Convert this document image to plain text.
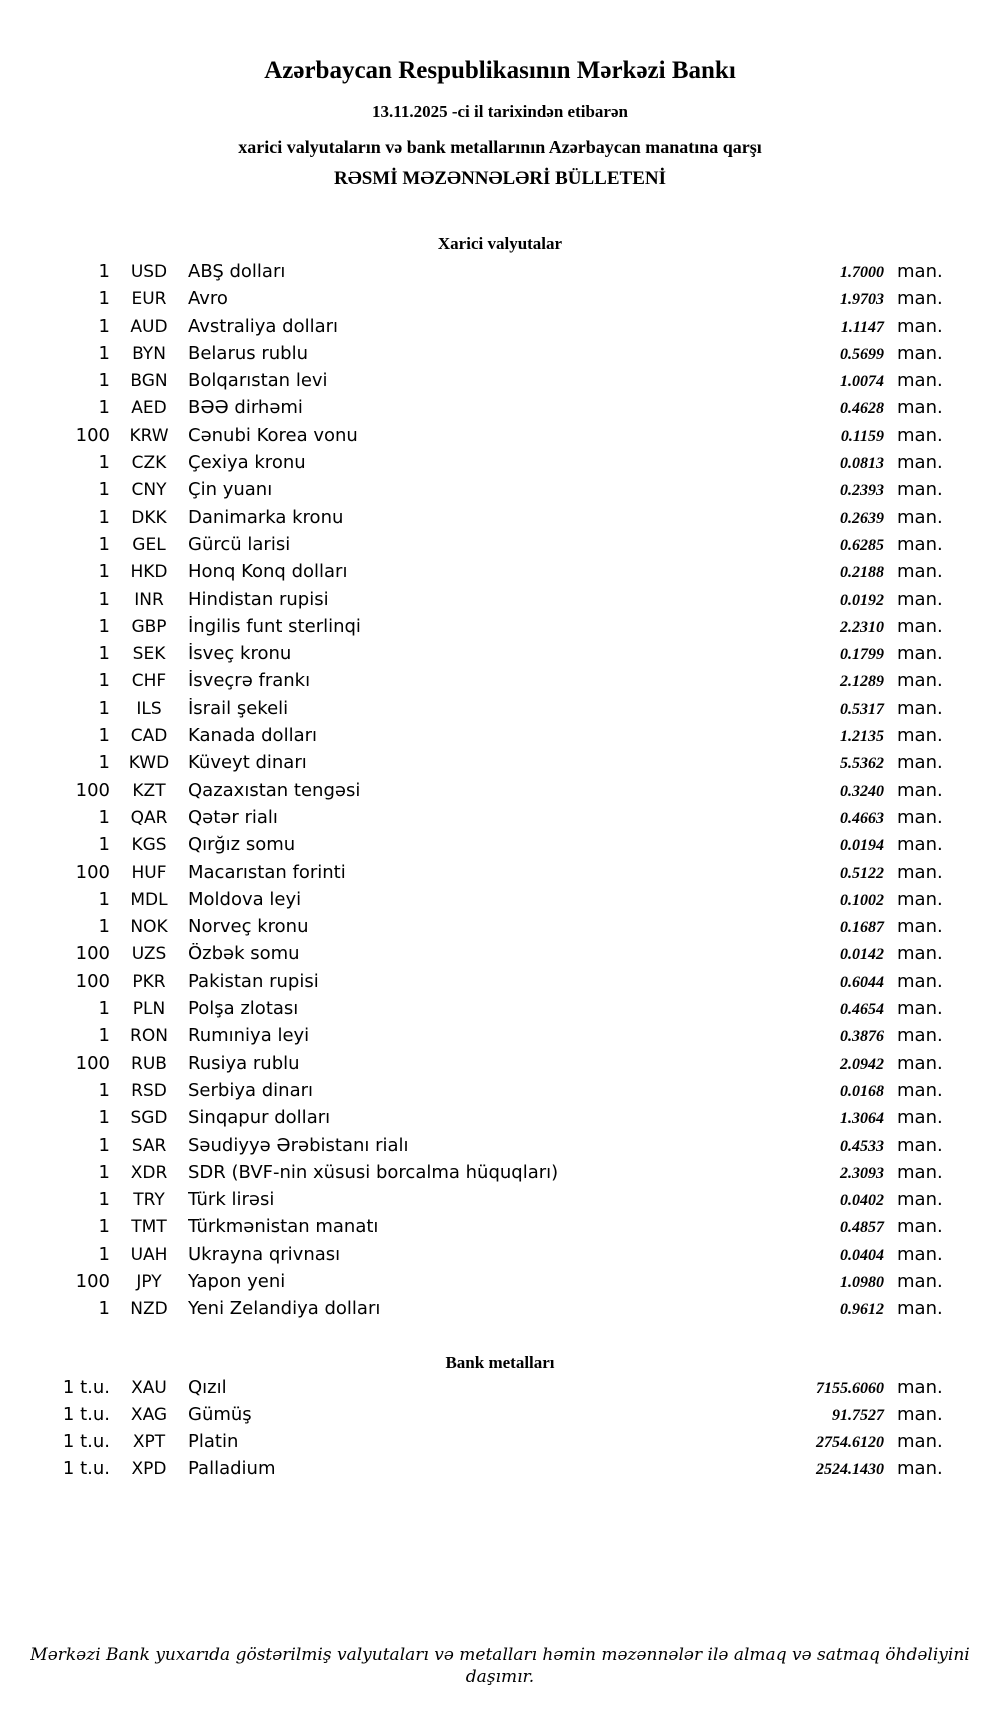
Azərbaycan Respublikasının Mərkəzi Bankı
13.11.2025 -ci il tarixindən etibarən
xarici valyutaların və bank metallarının Azərbaycan manatına qarşı
RƏSMİ MƏZƏNNƏLƏRİ BÜLLETENİ
Xarici valyutalar
1	USD	ABŞ dolları	1.7000 man.
1	EUR	Avro	1.9703 man.
1	AUD	Avstraliya dolları	1.1147 man.
1	BYN	Belarus rublu	0.5699 man.
1	BGN	Bolqarıstan levi	1.0074 man.
1	AED	BƏƏ dirhəmi	0.4628 man.
100	KRW	Cənubi Korea vonu	0.1159 man.
1	CZK	Çexiya kronu	0.0813 man.
1	CNY	Çin yuanı	0.2393 man.
1	DKK	Danimarka kronu	0.2639 man.
1	GEL	Gürcü larisi	0.6285 man.
1	HKD	Honq Konq dolları	0.2188 man.
1	INR	Hindistan rupisi	0.0192 man.
1	GBP	İngilis funt sterlinqi	2.2310 man.
1	SEK	İsveç kronu	0.1799 man.
1	CHF	İsveçrə frankı	2.1289 man.
1	ILS	İsrail şekeli	0.5317 man.
1	CAD	Kanada dolları	1.2135 man.
1	KWD	Küveyt dinarı	5.5362 man.
100	KZT	Qazaxıstan tengəsi	0.3240 man.
1	QAR	Qətər rialı	0.4663 man.
1	KGS	Qırğız somu	0.0194 man.
100	HUF	Macarıstan forinti	0.5122 man.
1	MDL	Moldova leyi	0.1002 man.
1	NOK	Norveç kronu	0.1687 man.
100	UZS	Özbək somu	0.0142 man.
100	PKR	Pakistan rupisi	0.6044 man.
1	PLN	Polşa zlotası	0.4654 man.
1	RON	Rumıniya leyi	0.3876 man.
100	RUB	Rusiya rublu	2.0942 man.
1	RSD	Serbiya dinarı	0.0168 man.
1	SGD	Sinqapur dolları	1.3064 man.
1	SAR	Səudiyyə Ərəbistanı rialı	0.4533 man.
1	XDR	SDR (BVF-nin xüsusi borcalma hüquqları)	2.3093 man.
1	TRY	Türk lirəsi	0.0402 man.
1	TMT	Türkmənistan manatı	0.4857 man.
1	UAH	Ukrayna qrivnası	0.0404 man.
100	JPY	Yapon yeni	1.0980 man.
1	NZD	Yeni Zelandiya dolları	0.9612 man.
Bank metalları
1 t.u.	XAU	Qızıl	7155.6060 man.
1 t.u.	XAG	Gümüş	91.7527 man.
1 t.u.	XPT	Platin	2754.6120 man.
1 t.u.	XPD	Palladium	2524.1430 man.
Mərkəzi Bank yuxarıda göstərilmiş valyutaları və metalları həmin məzənnələr ilə almaq və satmaq öhdəliyini daşımır.
